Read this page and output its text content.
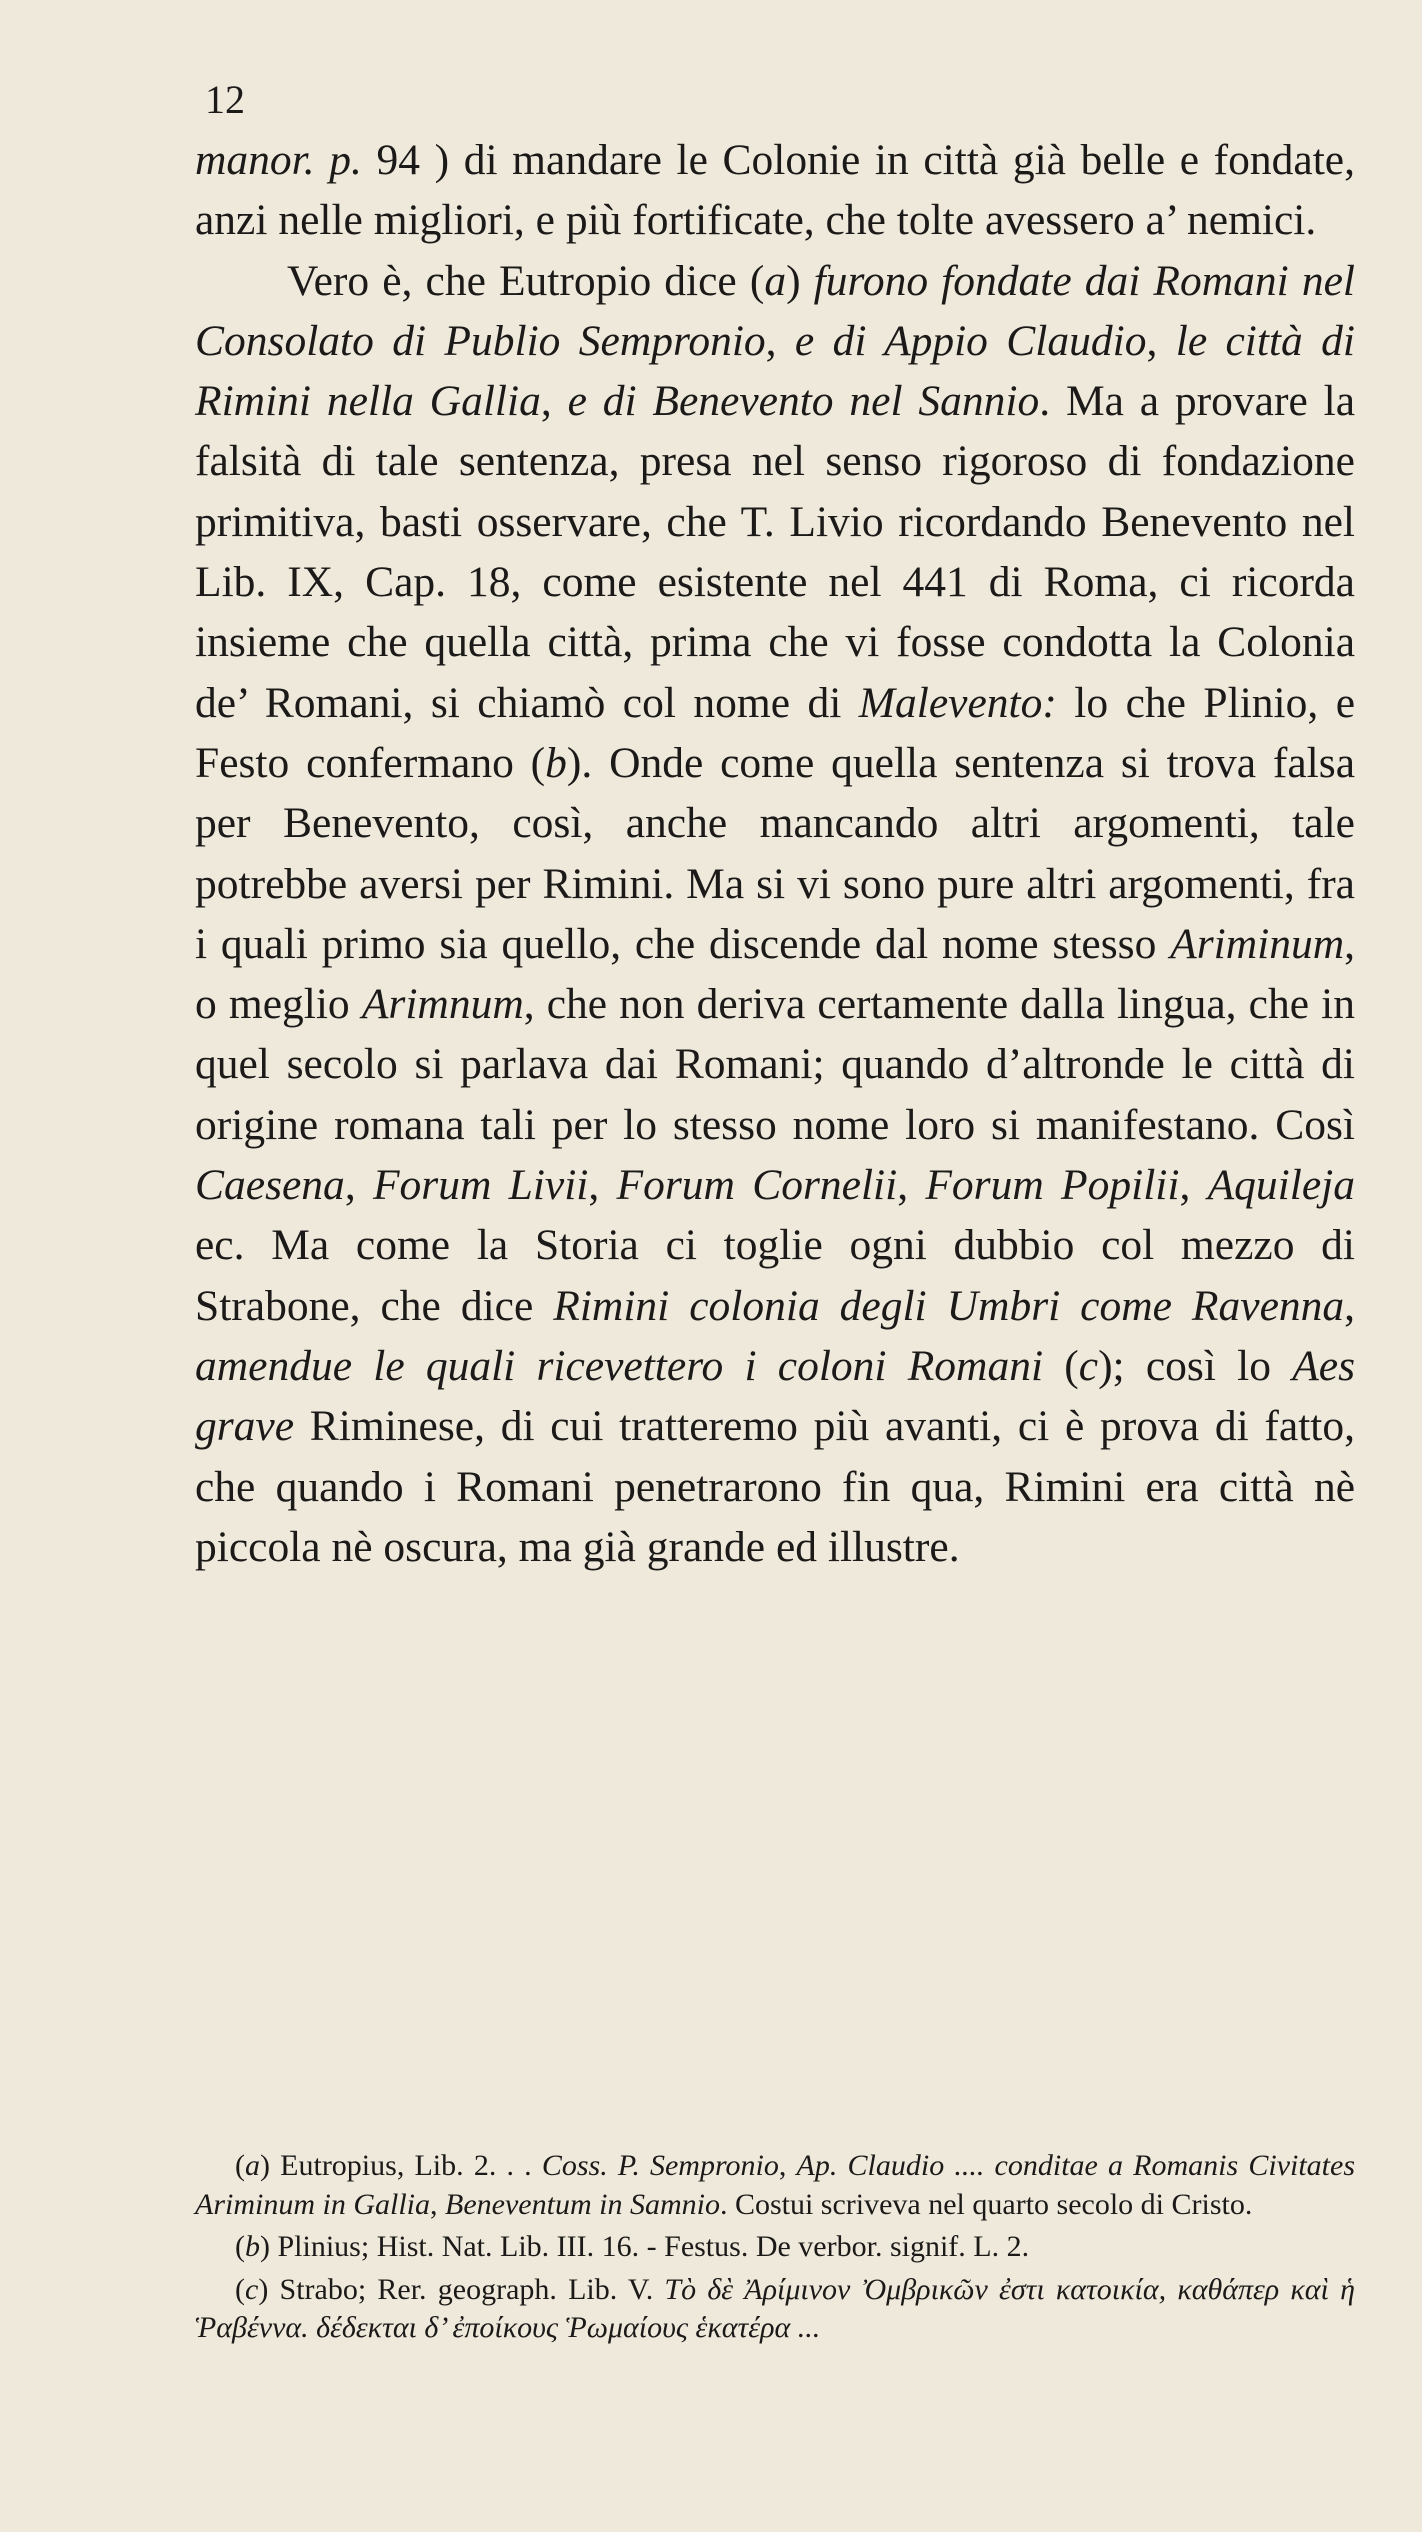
12

manor. p. 94 ) di mandare le Colonie in città già belle e fondate, anzi nelle migliori, e più fortificate, che tolte avessero a’ nemici.

Vero è, che Eutropio dice (a) furono fondate dai Romani nel Consolato di Publio Sempronio, e di Appio Claudio, le città di Rimini nella Gallia, e di Benevento nel Sannio. Ma a provare la falsità di tale sentenza, presa nel senso rigoroso di fondazione primitiva, basti osservare, che T. Livio ricordando Benevento nel Lib. IX, Cap. 18, come esistente nel 441 di Roma, ci ricorda insieme che quella città, prima che vi fosse condotta la Colonia de’ Romani, si chiamò col nome di Malevento: lo che Plinio, e Festo confermano (b). Onde come quella sentenza si trova falsa per Benevento, così, anche mancando altri argomenti, tale potrebbe aversi per Rimini. Ma si vi sono pure altri argomenti, fra i quali primo sia quello, che discende dal nome stesso Ariminum, o meglio Arimnum, che non deriva certamente dalla lingua, che in quel secolo si parlava dai Romani; quando d’altronde le città di origine romana tali per lo stesso nome loro si manifestano. Così Caesena, Forum Livii, Forum Cornelii, Forum Popilii, Aquileja ec. Ma come la Storia ci toglie ogni dubbio col mezzo di Strabone, che dice Rimini colonia degli Umbri come Ravenna, amendue le quali ricevettero i coloni Romani (c); così lo Aes grave Riminese, di cui tratteremo più avanti, ci è prova di fatto, che quando i Romani penetrarono fin qua, Rimini era città nè piccola nè oscura, ma già grande ed illustre.

(a) Eutropius, Lib. 2. . . Coss. P. Sempronio, Ap. Claudio .... conditae a Romanis Civitates Ariminum in Gallia, Beneventum in Samnio. Costui scriveva nel quarto secolo di Cristo.

(b) Plinius; Hist. Nat. Lib. III. 16. - Festus. De verbor. signif. L. 2.

(c) Strabo; Rer. geograph. Lib. V. Τὸ δὲ Ἀρίμινον Ὀμβρικῶν ἐστι κατοικία, καθάπερ καὶ ἡ Ῥαβέννα. δέδεκται δ’ ἐποίκους Ῥωμαίους ἑκατέρα ...
